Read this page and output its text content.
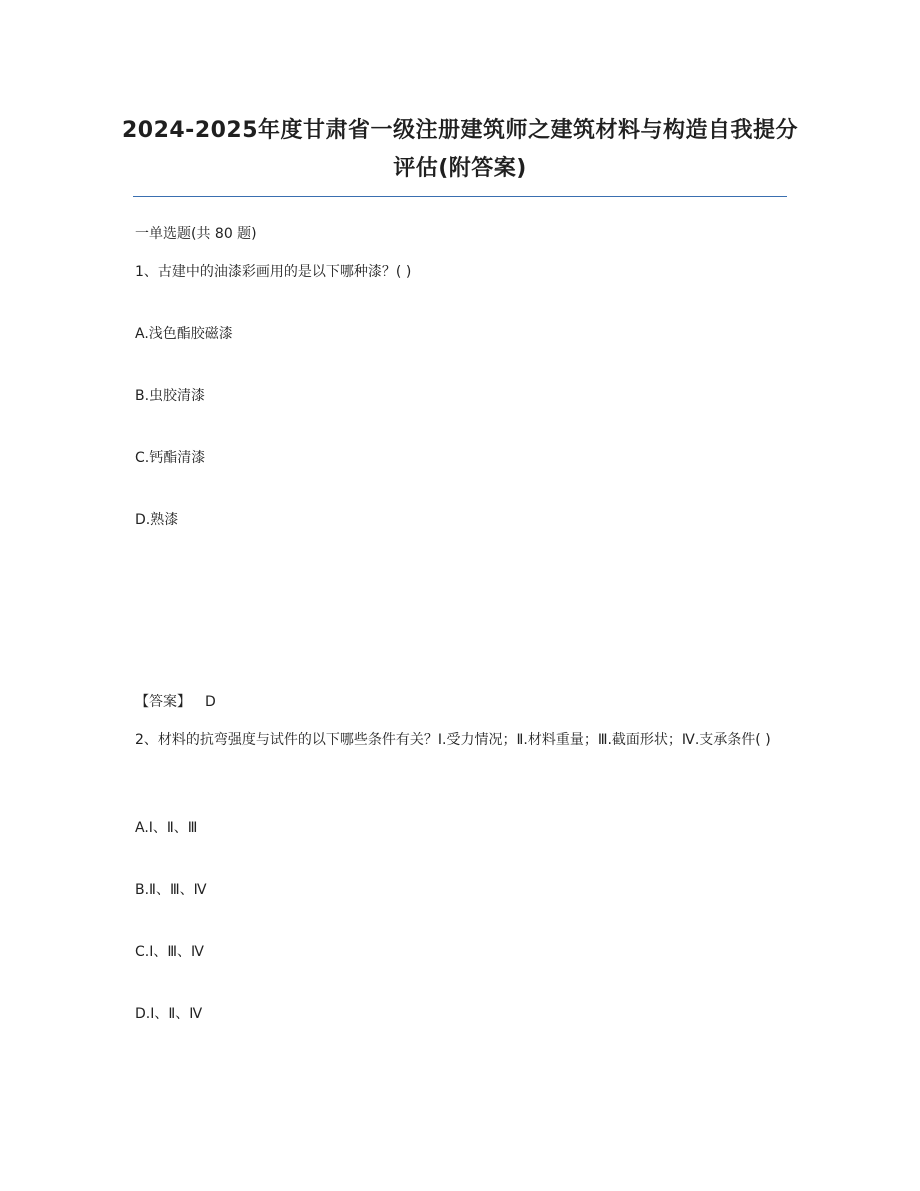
2024-2025年度甘肃省一级注册建筑师之建筑材料与构造自我提分评估(附答案)
一单选题(共 80 题)
1、古建中的油漆彩画用的是以下哪种漆？( )
A.浅色酯胶磁漆
B.虫胶清漆
C.钙酯清漆
D.熟漆
【答案】 D
2、材料的抗弯强度与试件的以下哪些条件有关？Ⅰ.受力情况；Ⅱ.材料重量；Ⅲ.截面形状；Ⅳ.支承条件( )
A.Ⅰ、Ⅱ、Ⅲ
B.Ⅱ、Ⅲ、Ⅳ
C.Ⅰ、Ⅲ、Ⅳ
D.Ⅰ、Ⅱ、Ⅳ
